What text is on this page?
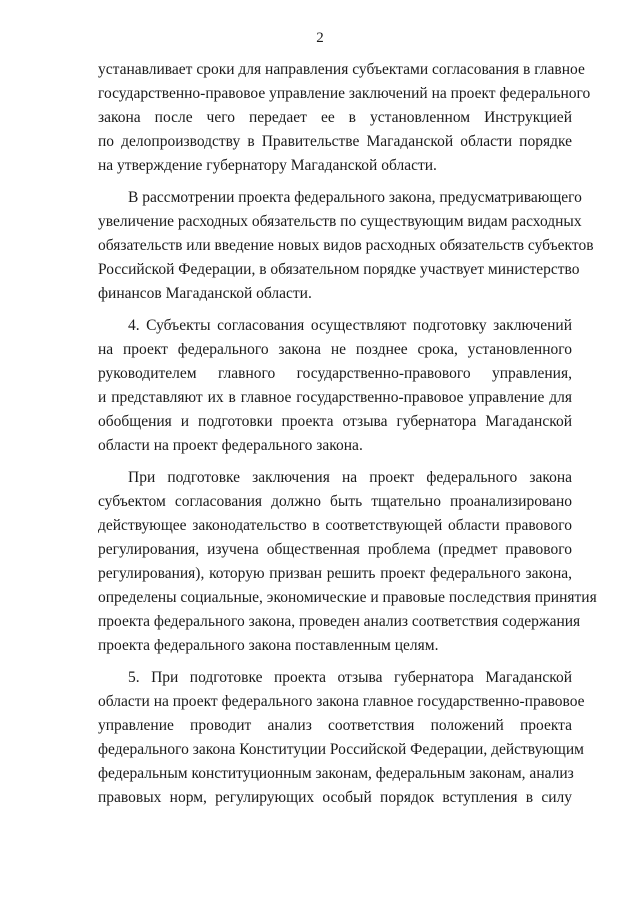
2

устанавливает сроки для направления субъектами согласования в главное
государственно-правовое управление заключений на проект федерального
закона после чего передает ее в установленном Инструкцией
по делопроизводству в Правительстве Магаданской области порядке
на утверждение губернатору Магаданской области.

В рассмотрении проекта федерального закона, предусматривающего
увеличение расходных обязательств по существующим видам расходных
обязательств или введение новых видов расходных обязательств субъектов
Российской Федерации, в обязательном порядке участвует министерство
финансов Магаданской области.

4. Субъекты согласования осуществляют подготовку заключений
на проект федерального закона не позднее срока, установленного
руководителем главного государственно-правового управления,
и представляют их в главное государственно-правовое управление для
обобщения и подготовки проекта отзыва губернатора Магаданской
области на проект федерального закона.

При подготовке заключения на проект федерального закона
субъектом согласования должно быть тщательно проанализировано
действующее законодательство в соответствующей области правового
регулирования, изучена общественная проблема (предмет правового
регулирования), которую призван решить проект федерального закона,
определены социальные, экономические и правовые последствия принятия
проекта федерального закона, проведен анализ соответствия содержания
проекта федерального закона поставленным целям.

5. При подготовке проекта отзыва губернатора Магаданской
области на проект федерального закона главное государственно-правовое
управление проводит анализ соответствия положений проекта
федерального закона Конституции Российской Федерации, действующим
федеральным конституционным законам, федеральным законам, анализ
правовых норм, регулирующих особый порядок вступления в силу
